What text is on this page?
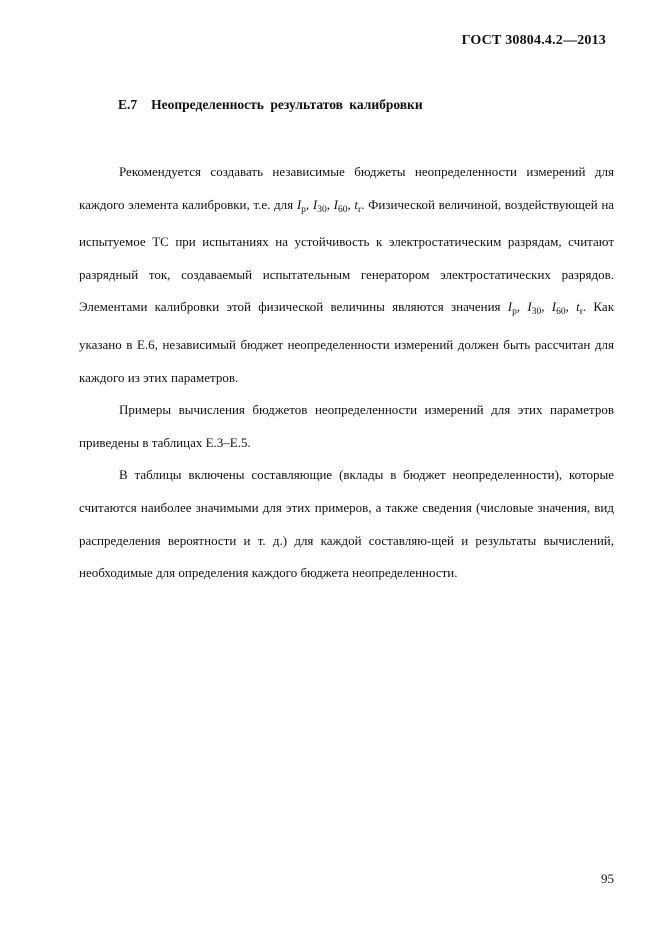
ГОСТ 30804.4.2—2013
Е.7 Неопределенность результатов калибровки

Рекомендуется создавать независимые бюджеты неопределенности измерений для каждого элемента калибровки, т.е. для $I_p$, $I_{30}$, $I_{60}$, $t_r$. Физической величиной, воздействующей на испытуемое ТС при испытаниях на устойчивость к электростатическим разрядам, считают разрядный ток, создаваемый испытательным генератором электростатических разрядов. Элементами калибровки этой физической величины являются значения $I_p$, $I_{30}$, $I_{60}$, $t_r$. Как указано в Е.6, независимый бюджет неопределенности измерений должен быть рассчитан для каждого из этих параметров.

Примеры вычисления бюджетов неопределенности измерений для этих параметров приведены в таблицах Е.3–Е.5.

В таблицы включены составляющие (вклады в бюджет неопределенности), которые считаются наиболее значимыми для этих примеров, а также сведения (числовые значения, вид распределения вероятности и т. д.) для каждой составляю-щей и результаты вычислений, необходимые для определения каждого бюджета неопределенности.

95
